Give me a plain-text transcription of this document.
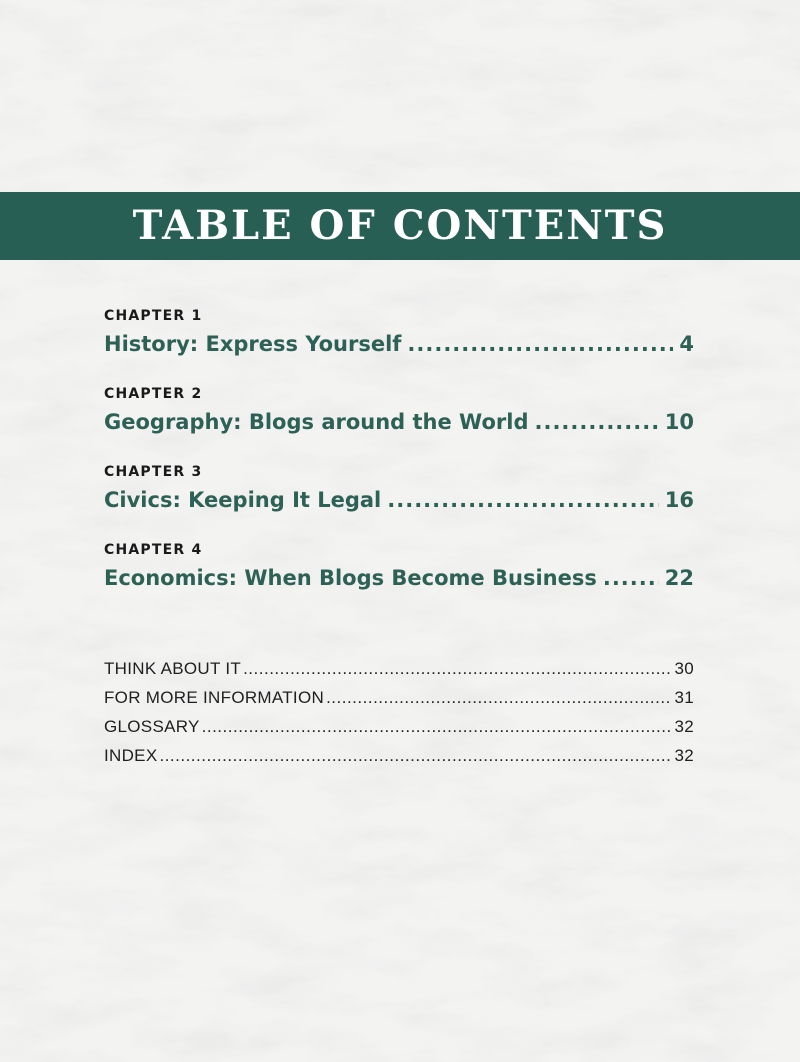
TABLE OF CONTENTS
CHAPTER 1
History: Express Yourself .....	4
CHAPTER 2
Geography: Blogs around the World .....	10
CHAPTER 3
Civics: Keeping It Legal .....	16
CHAPTER 4
Economics: When Blogs Become Business .....	22
THINK ABOUT IT .....	30
FOR MORE INFORMATION .....	31
GLOSSARY .....	32
INDEX .....	32
